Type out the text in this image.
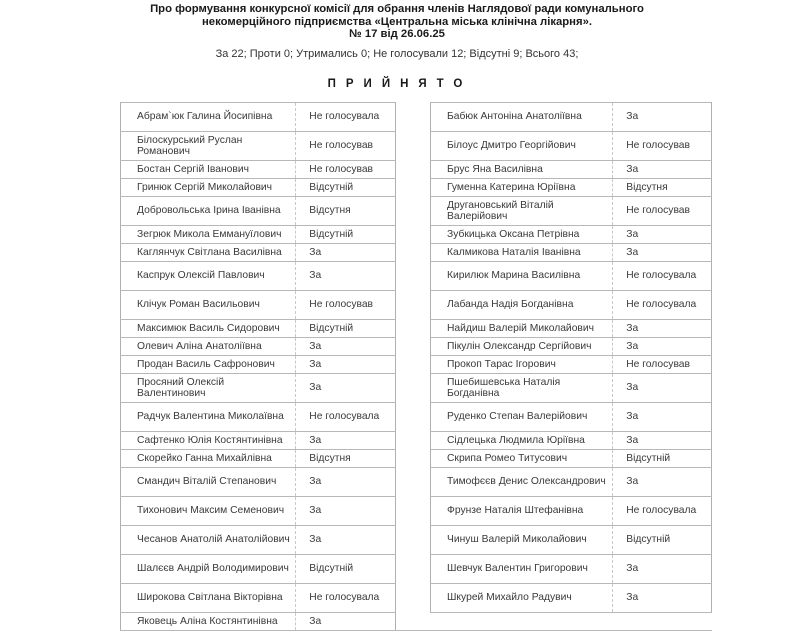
Про формування конкурсної комісії для обрання членів Наглядової ради комунального
некомерційного підприємства «Центральна міська клінічна лікарня».
№ 17 від 26.06.25
За 22; Проти 0; Утримались 0; Не голосували 12; Відсутні 9; Всього 43;
ПРИЙНЯТО
Абрам`юк Галина Йосипівна	Не голосувала
Білоскурський Руслан Романович	Не голосував
Бостан Сергій Іванович	Не голосував
Гринюк Сергій Миколайович	Відсутній
Добровольська Ірина Іванівна	Відсутня
Зегрюк Микола Еммануїлович	Відсутній
Каглянчук Світлана Василівна	За
Каспрук Олексій Павлович	За
Клічук Роман Васильович	Не голосував
Максимюк Василь Сидорович	Відсутній
Олевич Аліна Анатоліївна	За
Продан Василь Сафронович	За
Просяний Олексій Валентинович	За
Радчук Валентина Миколаївна	Не голосувала
Сафтенко Юлія Костянтинівна	За
Скорейко Ганна Михайлівна	Відсутня
Смандич Віталій Степанович	За
Тихонович Максим Семенович	За
Чесанов Анатолій Анатолійович	За
Шалєєв Андрій Володимирович	Відсутній
Широкова Світлана Вікторівна	Не голосувала
Яковець Аліна Костянтинівна	За
Бабюк Антоніна Анатоліївна	За
Білоус Дмитро Георгійович	Не голосував
Брус Яна Василівна	За
Гуменна Катерина Юріївна	Відсутня
Друганoвський Віталій Валерійович	Не голосував
Зубкицька Оксана Петрівна	За
Калмикова Наталія Іванівна	За
Кирилюк Марина Василівна	Не голосувала
Лабанда Надія Богданівна	Не голосувала
Найдиш Валерій Миколайович	За
Пікулін Олександр Сергійович	За
Прокоп Тарас Ігорович	Не голосував
Пшебишевська Наталія Богданівна	За
Руденко Степан Валерійович	За
Сідлецька Людмила Юріївна	За
Скрипа Ромео Титусович	Відсутній
Тимофєєв Денис Олександрович	За
Фрунзе Наталія Штефанівна	Не голосувала
Чинуш Валерій Миколайович	Відсутній
Шевчук Валентин Григорович	За
Шкурей Михайло Радувич	За
